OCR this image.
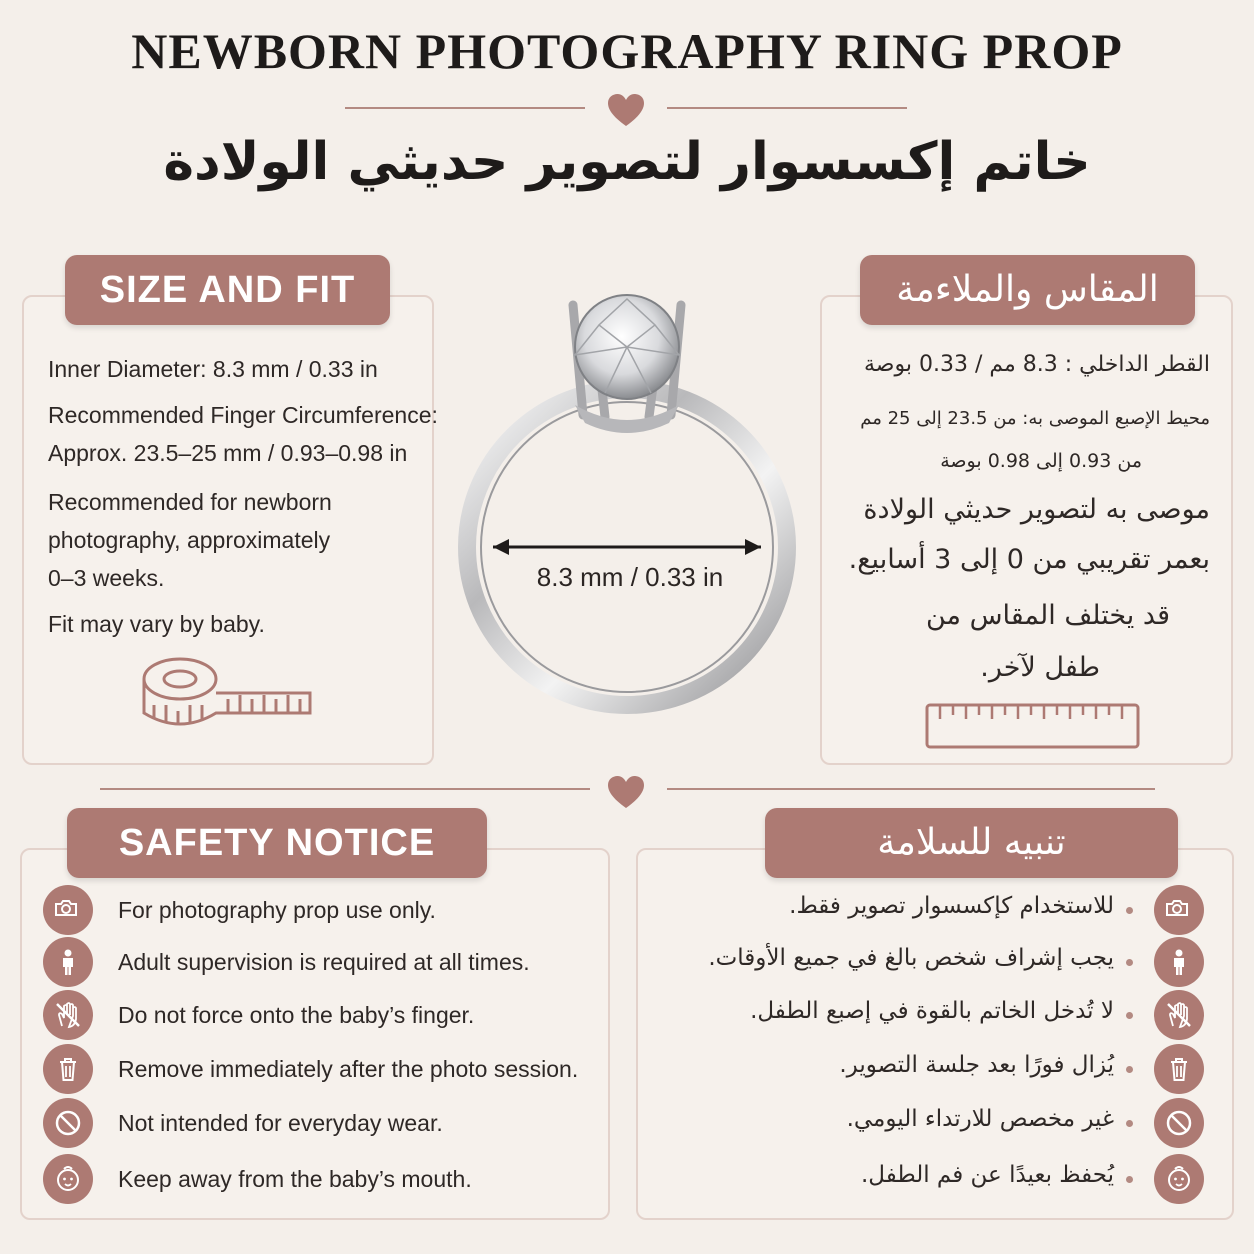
NEWBORN PHOTOGRAPHY RING PROP
خاتم إكسسوار لتصوير حديثي الولادة
SIZE AND FIT
Inner Diameter: 8.3 mm / 0.33 in
Recommended Finger Circumference:
Approx. 23.5–25 mm / 0.93–0.98 in
Recommended for newborn
photography, approximately
0–3 weeks.
Fit may vary by baby.
8.3 mm / 0.33 in
المقاس والملاءمة
القطر الداخلي : 8.3 مم / 0.33 بوصة
محيط الإصبع الموصى به: من 23.5 إلى 25 مم
من 0.93 إلى 0.98 بوصة
موصى به لتصوير حديثي الولادة
بعمر تقريبي من 0 إلى 3 أسابيع.
قد يختلف المقاس من
طفل لآخر.
SAFETY NOTICE
For photography prop use only.
Adult supervision is required at all times.
Do not force onto the baby’s finger.
Remove immediately after the photo session.
Not intended for everyday wear.
Keep away from the baby’s mouth.
تنبيه للسلامة
للاستخدام كإكسسوار تصوير فقط.
يجب إشراف شخص بالغ في جميع الأوقات.
لا تُدخل الخاتم بالقوة في إصبع الطفل.
يُزال فورًا بعد جلسة التصوير.
غير مخصص للارتداء اليومي.
يُحفظ بعيدًا عن فم الطفل.
